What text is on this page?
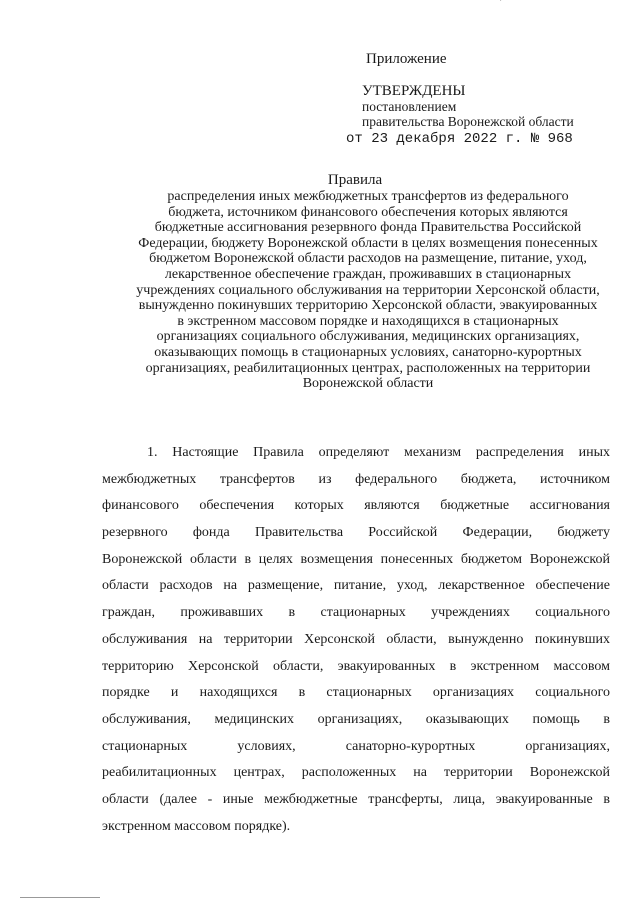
Приложение
УТВЕРЖДЕНЫ
постановлением
правительства Воронежской области
от 23 декабря 2022 г. № 968
Правила
распределения иных межбюджетных трансфертов из федерального
бюджета, источником финансового обеспечения которых являются
бюджетные ассигнования резервного фонда Правительства Российской
Федерации, бюджету Воронежской области в целях возмещения понесенных
бюджетом Воронежской области расходов на размещение, питание, уход,
лекарственное обеспечение граждан, проживавших в стационарных
учреждениях социального обслуживания на территории Херсонской области,
вынужденно покинувших территорию Херсонской области, эвакуированных
в экстренном массовом порядке и находящихся в стационарных
организациях социального обслуживания, медицинских организациях,
оказывающих помощь в стационарных условиях, санаторно-курортных
организациях, реабилитационных центрах, расположенных на территории
Воронежской области
1. Настоящие Правила определяют механизм распределения иных
межбюджетных трансфертов из федерального бюджета, источником
финансового обеспечения которых являются бюджетные ассигнования
резервного фонда Правительства Российской Федерации, бюджету
Воронежской области в целях возмещения понесенных бюджетом Воронежской
области расходов на размещение, питание, уход, лекарственное обеспечение
граждан, проживавших в стационарных учреждениях социального
обслуживания на территории Херсонской области, вынужденно покинувших
территорию Херсонской области, эвакуированных в экстренном массовом
порядке и находящихся в стационарных организациях социального
обслуживания, медицинских организациях, оказывающих помощь в
стационарных условиях, санаторно-курортных организациях,
реабилитационных центрах, расположенных на территории Воронежской
области (далее - иные межбюджетные трансферты, лица, эвакуированные в
экстренном массовом порядке).
